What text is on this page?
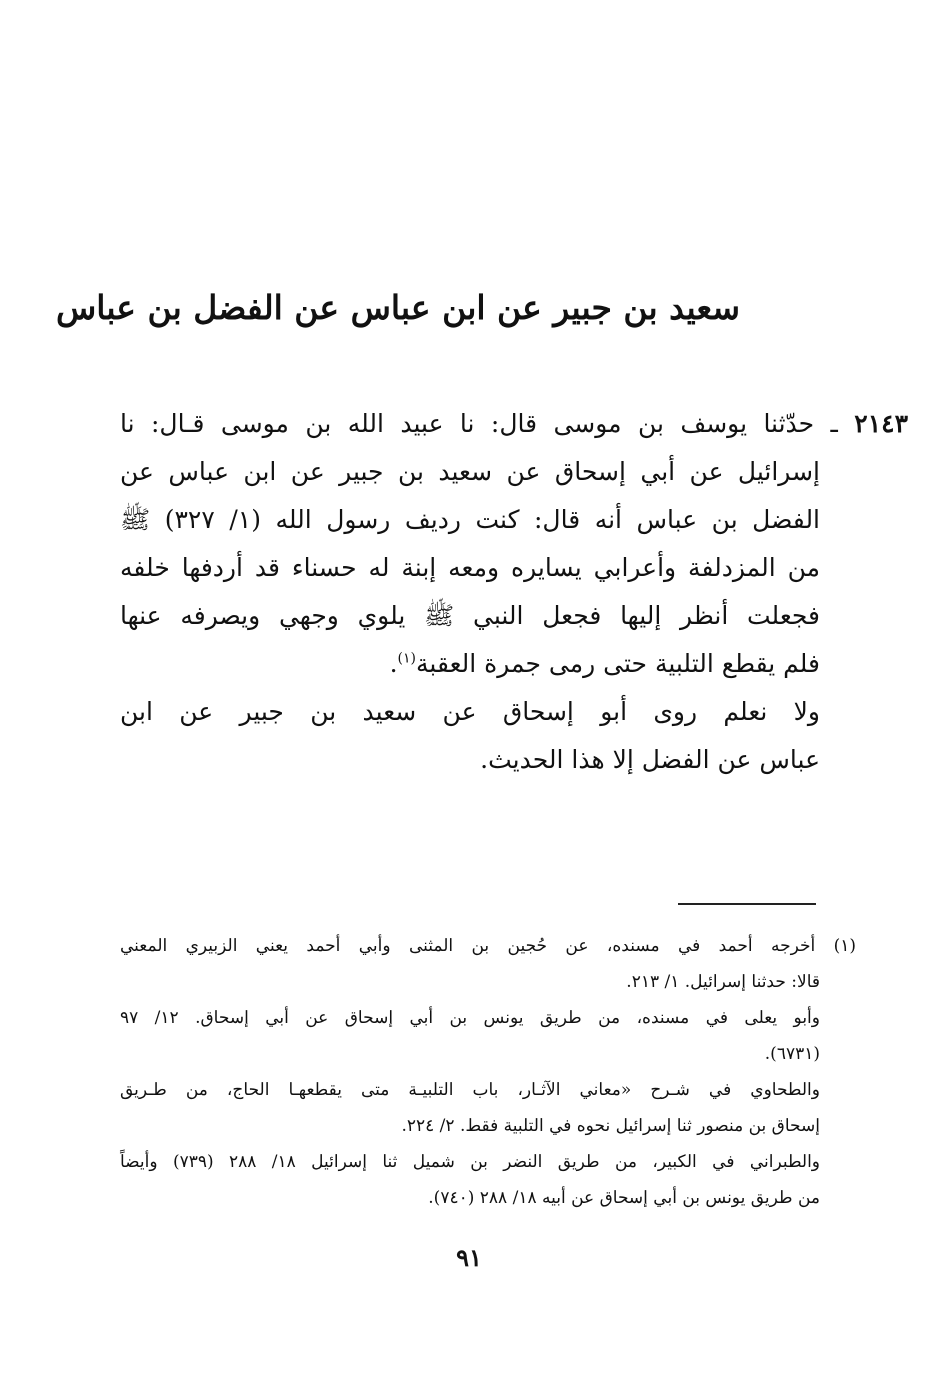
سعيد بن جبير عن ابن عباس عن الفضل بن عباس
٢١٤٣ ـ حدّثنا يوسف بن موسى قال: نا عبيد الله بن موسى قـال: نا
إسرائيل عن أبي إسحاق عن سعيد بن جبير عن ابن عباس عن
الفضل بن عباس أنه قال: كنت رديف رسول الله (١/ ٣٢٧) ﷺ
من المزدلفة وأعرابي يسايره ومعه إبنة له حسناء قد أردفها خلفه
فجعلت أنظر إليها فجعل النبي ﷺ يلوي وجهي ويصرفه عنها
فلم يقطع التلبية حتى رمى جمرة العقبة$^{(١)}$.
ولا نعلم روى أبو إسحاق عن سعيد بن جبير عن ابن
عباس عن الفضل إلا هذا الحديث.
(١) أخرجه أحمد في مسنده، عن حُجين بن المثنى وأبي أحمد يعني الزبيري المعني
قالا: حدثنا إسرائيل. ١/ ٢١٣.
وأبو يعلى في مسنده، من طريق يونس بن أبي إسحاق عن أبي إسحاق. ١٢/ ٩٧
(٦٧٣١).
والطحاوي في شـرح «معاني الآثـار، باب التلبيـة متى يقطعهـا الحاج، من طـريق
إسحاق بن منصور ثنا إسرائيل نحوه في التلبية فقط. ٢/ ٢٢٤.
والطبراني في الكبير، من طريق النضر بن شميل ثنا إسرائيل ١٨/ ٢٨٨ (٧٣٩) وأيضاً
من طريق يونس بن أبي إسحاق عن أبيه ١٨/ ٢٨٨ (٧٤٠).
٩١
